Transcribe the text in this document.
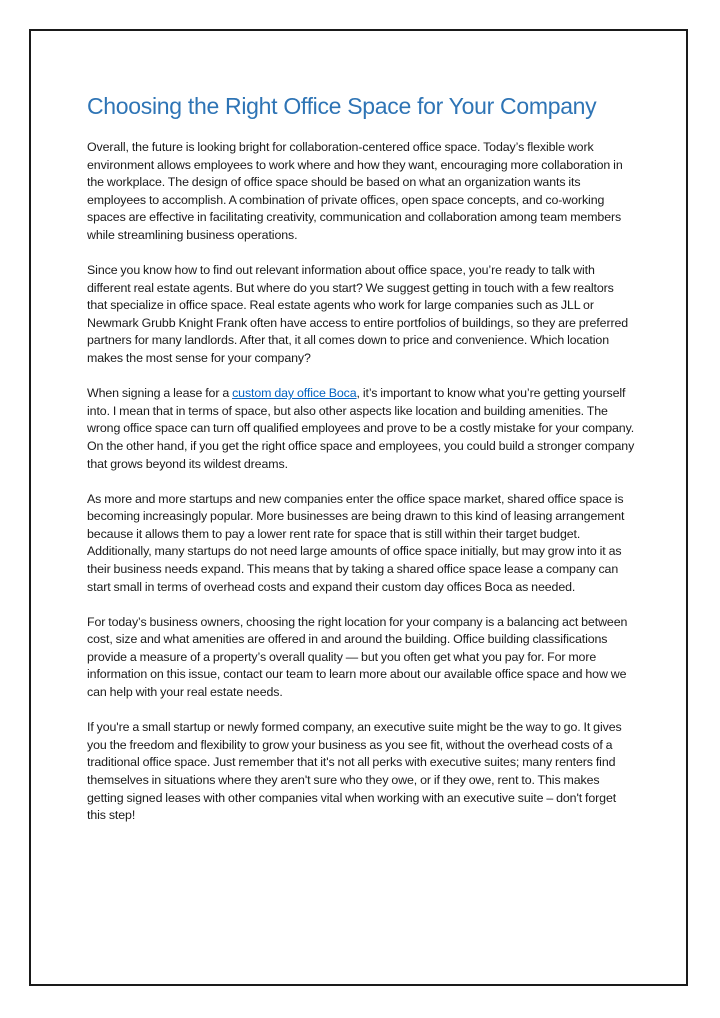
Choosing the Right Office Space for Your Company

Overall, the future is looking bright for collaboration-centered office space. Today’s flexible work environment allows employees to work where and how they want, encouraging more collaboration in the workplace. The design of office space should be based on what an organization wants its employees to accomplish. A combination of private offices, open space concepts, and co-working spaces are effective in facilitating creativity, communication and collaboration among team members while streamlining business operations.

Since you know how to find out relevant information about office space, you’re ready to talk with different real estate agents. But where do you start? We suggest getting in touch with a few realtors that specialize in office space. Real estate agents who work for large companies such as JLL or Newmark Grubb Knight Frank often have access to entire portfolios of buildings, so they are preferred partners for many landlords. After that, it all comes down to price and convenience. Which location makes the most sense for your company?

When signing a lease for a custom day office Boca, it’s important to know what you’re getting yourself into. I mean that in terms of space, but also other aspects like location and building amenities. The wrong office space can turn off qualified employees and prove to be a costly mistake for your company. On the other hand, if you get the right office space and employees, you could build a stronger company that grows beyond its wildest dreams.

As more and more startups and new companies enter the office space market, shared office space is becoming increasingly popular. More businesses are being drawn to this kind of leasing arrangement because it allows them to pay a lower rent rate for space that is still within their target budget. Additionally, many startups do not need large amounts of office space initially, but may grow into it as their business needs expand. This means that by taking a shared office space lease a company can start small in terms of overhead costs and expand their custom day offices Boca as needed.

For today’s business owners, choosing the right location for your company is a balancing act between cost, size and what amenities are offered in and around the building. Office building classifications provide a measure of a property’s overall quality — but you often get what you pay for. For more information on this issue, contact our team to learn more about our available office space and how we can help with your real estate needs.

If you're a small startup or newly formed company, an executive suite might be the way to go. It gives you the freedom and flexibility to grow your business as you see fit, without the overhead costs of a traditional office space. Just remember that it's not all perks with executive suites; many renters find themselves in situations where they aren't sure who they owe, or if they owe, rent to. This makes getting signed leases with other companies vital when working with an executive suite – don't forget this step!
